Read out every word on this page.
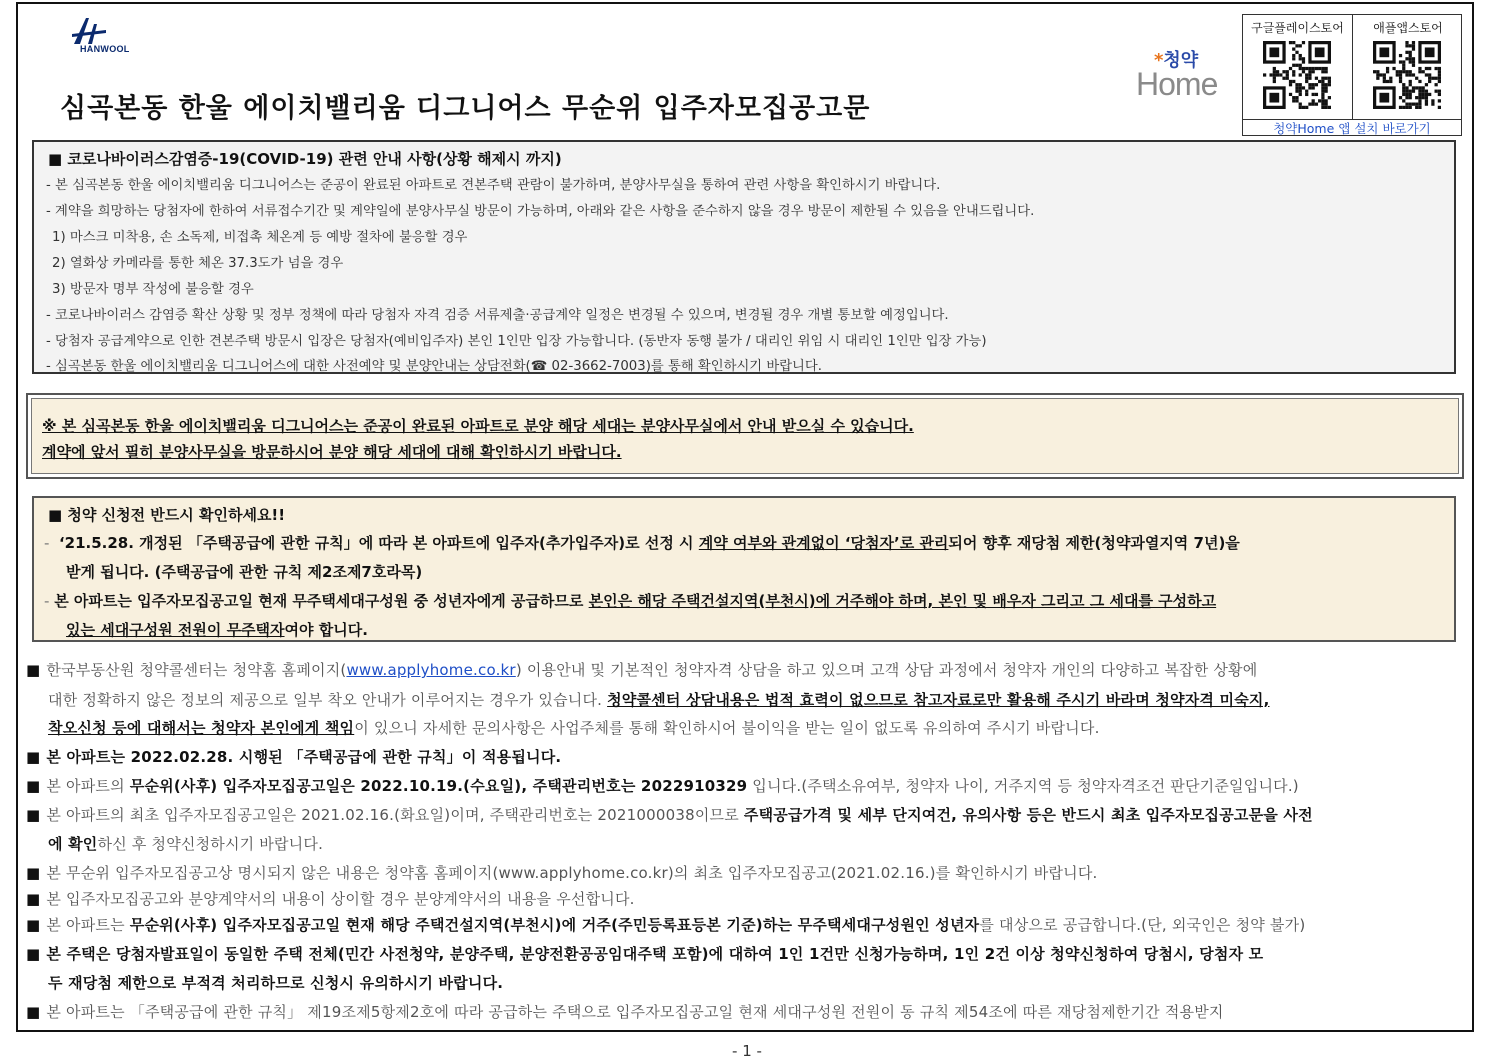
HANWOOL
심곡본동 한울 에이치밸리움 디그니어스 무순위 입주자모집공고문
*청약
Home
구글플레이스토어	애플앱스토어
청약Home 앱 설치 바로가기
■ 코로나바이러스감염증-19(COVID-19) 관련 안내 사항(상황 해제시 까지)
- 본 심곡본동 한울 에이치밸리움 디그니어스는 준공이 완료된 아파트로 견본주택 관람이 불가하며, 분양사무실을 통하여 관련 사항을 확인하시기 바랍니다.
- 계약을 희망하는 당첨자에 한하여 서류접수기간 및 계약일에 분양사무실 방문이 가능하며, 아래와 같은 사항을 준수하지 않을 경우 방문이 제한될 수 있음을 안내드립니다.
1) 마스크 미착용, 손 소독제, 비접촉 체온계 등 예방 절차에 불응할 경우
2) 열화상 카메라를 통한 체온 37.3도가 넘을 경우
3) 방문자 명부 작성에 불응할 경우
- 코로나바이러스 감염증 확산 상황 및 정부 정책에 따라 당첨자 자격 검증 서류제출·공급계약 일정은 변경될 수 있으며, 변경될 경우 개별 통보할 예정입니다.
- 당첨자 공급계약으로 인한 견본주택 방문시 입장은 당첨자(예비입주자) 본인 1인만 입장 가능합니다. (동반자 동행 불가 / 대리인 위임 시 대리인 1인만 입장 가능)
- 심곡본동 한울 에이치밸리움 디그니어스에 대한 사전예약 및 분양안내는 상담전화(☎ 02-3662-7003)를 통해 확인하시기 바랍니다.
※ 본 심곡본동 한울 에이치밸리움 디그니어스는 준공이 완료된 아파트로 분양 해당 세대는 분양사무실에서 안내 받으실 수 있습니다.
계약에 앞서 필히 분양사무실을 방문하시어 분양 해당 세대에 대해 확인하시기 바랍니다.
■ 청약 신청전 반드시 확인하세요!!
-  ‘21.5.28. 개정된 「주택공급에 관한 규칙」에 따라 본 아파트에 입주자(추가입주자)로 선정 시 계약 여부와 관계없이 ‘당첨자’로 관리되어 향후 재당첨 제한(청약과열지역 7년)을
받게 됩니다. (주택공급에 관한 규칙 제2조제7호라목)
- 본 아파트는 입주자모집공고일 현재 무주택세대구성원 중 성년자에게 공급하므로 본인은 해당 주택건설지역(부천시)에 거주해야 하며, 본인 및 배우자 그리고 그 세대를 구성하고
있는 세대구성원 전원이 무주택자여야 합니다.
■ 한국부동산원 청약콜센터는 청약홈 홈페이지(www.applyhome.co.kr) 이용안내 및 기본적인 청약자격 상담을 하고 있으며 고객 상담 과정에서 청약자 개인의 다양하고 복잡한 상황에
대한 정확하지 않은 정보의 제공으로 일부 착오 안내가 이루어지는 경우가 있습니다. 청약콜센터 상담내용은 법적 효력이 없으므로 참고자료로만 활용해 주시기 바라며 청약자격 미숙지,
착오신청 등에 대해서는 청약자 본인에게 책임이 있으니 자세한 문의사항은 사업주체를 통해 확인하시어 불이익을 받는 일이 없도록 유의하여 주시기 바랍니다.
■ 본 아파트는 2022.02.28. 시행된 「주택공급에 관한 규칙」이 적용됩니다.
■ 본 아파트의 무순위(사후) 입주자모집공고일은 2022.10.19.(수요일), 주택관리번호는 2022910329 입니다.(주택소유여부, 청약자 나이, 거주지역 등 청약자격조건 판단기준일입니다.)
■ 본 아파트의 최초 입주자모집공고일은 2021.02.16.(화요일)이며, 주택관리번호는 2021000038이므로 주택공급가격 및 세부 단지여건, 유의사항 등은 반드시 최초 입주자모집공고문을 사전
에 확인하신 후 청약신청하시기 바랍니다.
■ 본 무순위 입주자모집공고상 명시되지 않은 내용은 청약홈 홈페이지(www.applyhome.co.kr)의 최초 입주자모집공고(2021.02.16.)를 확인하시기 바랍니다.
■ 본 입주자모집공고와 분양계약서의 내용이 상이할 경우 분양계약서의 내용을 우선합니다.
■ 본 아파트는 무순위(사후) 입주자모집공고일 현재 해당 주택건설지역(부천시)에 거주(주민등록표등본 기준)하는 무주택세대구성원인 성년자를 대상으로 공급합니다.(단, 외국인은 청약 불가)
■ 본 주택은 당첨자발표일이 동일한 주택 전체(민간 사전청약, 분양주택, 분양전환공공임대주택 포함)에 대하여 1인 1건만 신청가능하며, 1인 2건 이상 청약신청하여 당첨시, 당첨자 모
두 재당첨 제한으로 부적격 처리하므로 신청시 유의하시기 바랍니다.
■ 본 아파트는 「주택공급에 관한 규칙」 제19조제5항제2호에 따라 공급하는 주택으로 입주자모집공고일 현재 세대구성원 전원이 동 규칙 제54조에 따른 재당첨제한기간 적용받지
- 1 -
